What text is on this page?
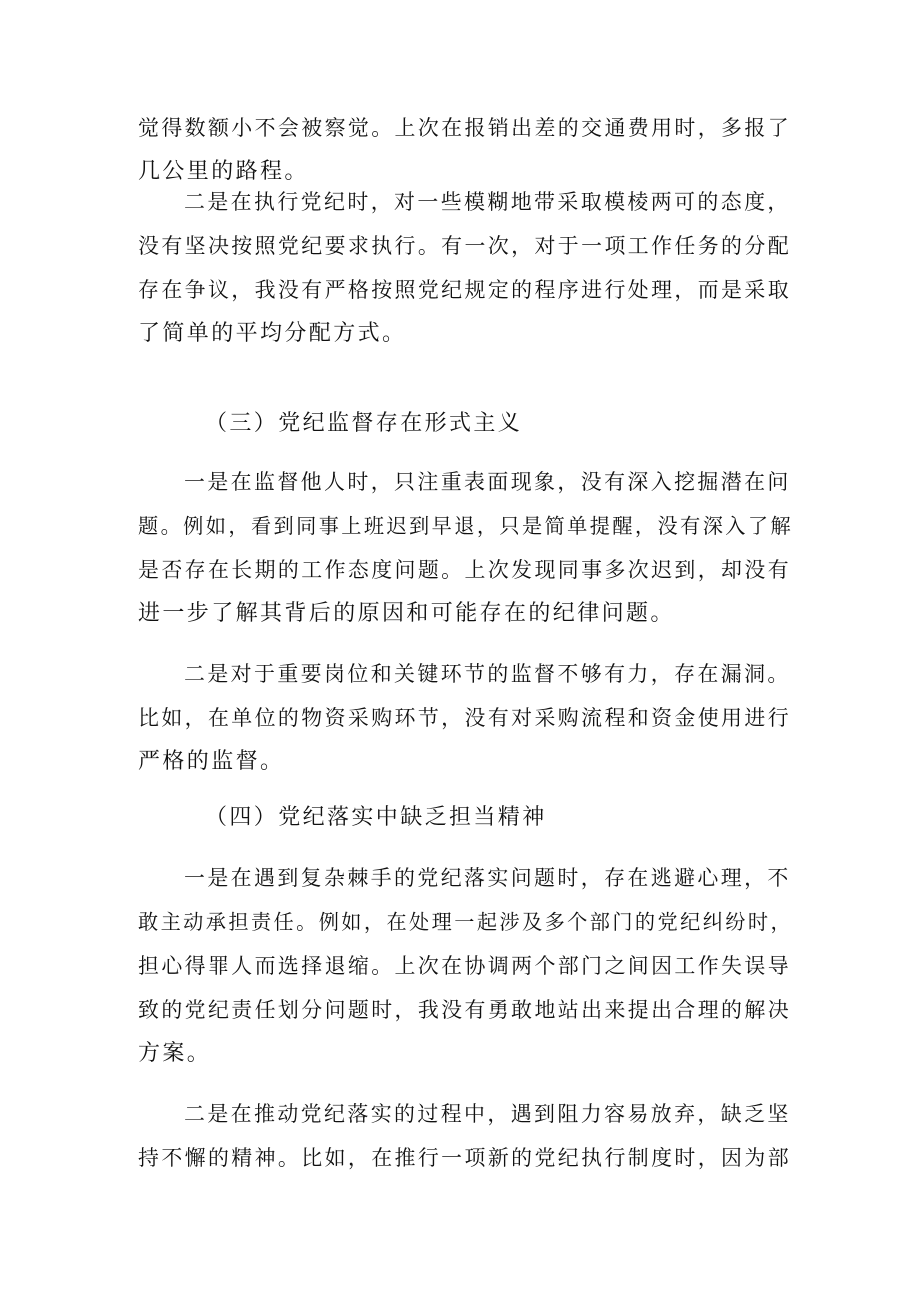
觉得数额小不会被察觉。上次在报销出差的交通费用时，多报了
几公里的路程。
二是在执行党纪时，对一些模糊地带采取模棱两可的态度，
没有坚决按照党纪要求执行。有一次，对于一项工作任务的分配
存在争议，我没有严格按照党纪规定的程序进行处理，而是采取
了简单的平均分配方式。
（三）党纪监督存在形式主义
一是在监督他人时，只注重表面现象，没有深入挖掘潜在问
题。例如，看到同事上班迟到早退，只是简单提醒，没有深入了解
是否存在长期的工作态度问题。上次发现同事多次迟到，却没有
进一步了解其背后的原因和可能存在的纪律问题。
二是对于重要岗位和关键环节的监督不够有力，存在漏洞。
比如，在单位的物资采购环节，没有对采购流程和资金使用进行
严格的监督。
（四）党纪落实中缺乏担当精神
一是在遇到复杂棘手的党纪落实问题时，存在逃避心理，不
敢主动承担责任。例如，在处理一起涉及多个部门的党纪纠纷时，
担心得罪人而选择退缩。上次在协调两个部门之间因工作失误导
致的党纪责任划分问题时，我没有勇敢地站出来提出合理的解决
方案。
二是在推动党纪落实的过程中，遇到阻力容易放弃，缺乏坚
持不懈的精神。比如，在推行一项新的党纪执行制度时，因为部
